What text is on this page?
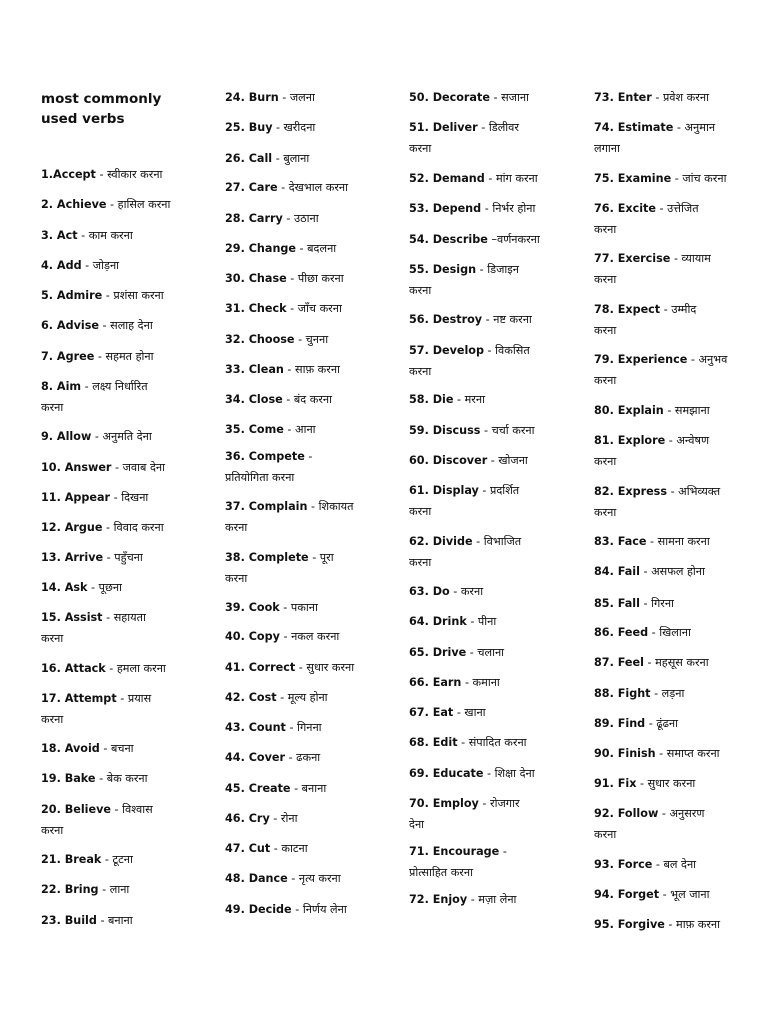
most commonly
used verbs
1.Accept - स्वीकार करना
2. Achieve - हासिल करना
3. Act - काम करना
4. Add - जोड़ना
5. Admire - प्रशंसा करना
6. Advise - सलाह देना
7. Agree - सहमत होना
8. Aim - लक्ष्य निर्धारित
करना
9. Allow - अनुमति देना
10. Answer - जवाब देना
11. Appear - दिखना
12. Argue - विवाद करना
13. Arrive - पहुँचना
14. Ask - पूछना
15. Assist - सहायता
करना
16. Attack - हमला करना
17. Attempt - प्रयास
करना
18. Avoid - बचना
19. Bake - बेक करना
20. Believe - विश्वास
करना
21. Break - टूटना
22. Bring - लाना
23. Build - बनाना
24. Burn - जलना
25. Buy - खरीदना
26. Call - बुलाना
27. Care - देखभाल करना
28. Carry - उठाना
29. Change - बदलना
30. Chase - पीछा करना
31. Check - जाँच करना
32. Choose - चुनना
33. Clean - साफ़ करना
34. Close - बंद करना
35. Come - आना
36. Compete -
प्रतियोगिता करना
37. Complain - शिकायत
करना
38. Complete - पूरा
करना
39. Cook - पकाना
40. Copy - नकल करना
41. Correct - सुधार करना
42. Cost - मूल्य होना
43. Count - गिनना
44. Cover - ढकना
45. Create - बनाना
46. Cry - रोना
47. Cut - काटना
48. Dance - नृत्य करना
49. Decide - निर्णय लेना
50. Decorate - सजाना
51. Deliver - डिलीवर
करना
52. Demand - मांग करना
53. Depend - निर्भर होना
54. Describe –वर्णनकरना
55. Design - डिजाइन
करना
56. Destroy - नष्ट करना
57. Develop - विकसित
करना
58. Die - मरना
59. Discuss - चर्चा करना
60. Discover - खोजना
61. Display - प्रदर्शित
करना
62. Divide - विभाजित
करना
63. Do - करना
64. Drink - पीना
65. Drive - चलाना
66. Earn - कमाना
67. Eat - खाना
68. Edit - संपादित करना
69. Educate - शिक्षा देना
70. Employ - रोजगार
देना
71. Encourage -
प्रोत्साहित करना
72. Enjoy - मज़ा लेना
73. Enter - प्रवेश करना
74. Estimate - अनुमान
लगाना
75. Examine - जांच करना
76. Excite - उत्तेजित
करना
77. Exercise - व्यायाम
करना
78. Expect - उम्मीद
करना
79. Experience - अनुभव
करना
80. Explain - समझाना
81. Explore - अन्वेषण
करना
82. Express - अभिव्यक्त
करना
83. Face - सामना करना
84. Fail - असफल होना
85. Fall - गिरना
86. Feed - खिलाना
87. Feel - महसूस करना
88. Fight - लड़ना
89. Find - ढूंढना
90. Finish - समाप्त करना
91. Fix - सुधार करना
92. Follow - अनुसरण
करना
93. Force - बल देना
94. Forget - भूल जाना
95. Forgive - माफ़ करना
